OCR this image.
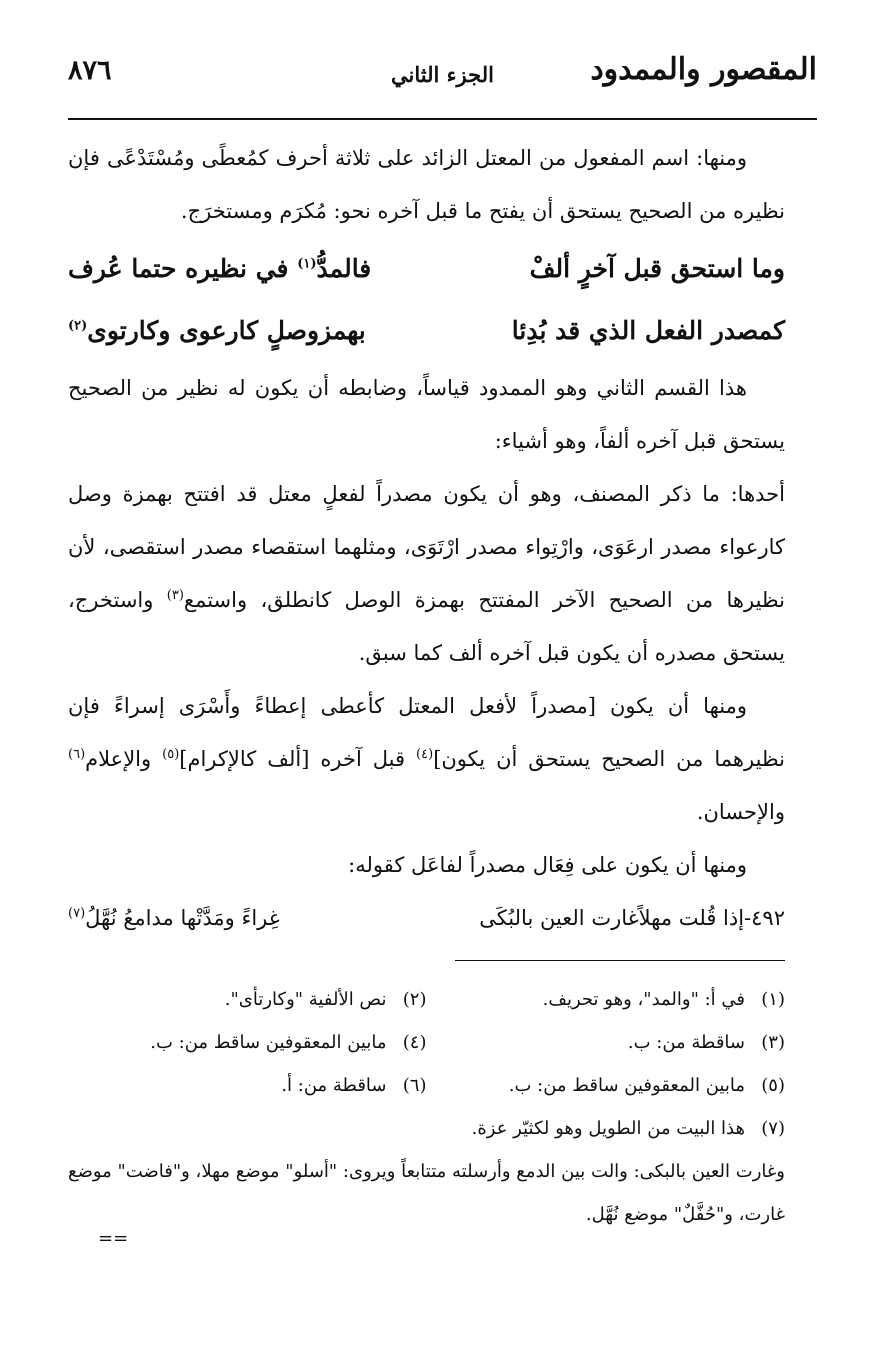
المقصور والممدود
الجزء الثاني
٨٧٦

ومنها: اسم المفعول من المعتل الزائد على ثلاثة أحرف كمُعطًى ومُسْتَدْعًى فإن نظيره من الصحيح يستحق أن يفتح ما قبل آخره نحو: مُكرَم ومستخرَج.

وما استحق قبل آخرٍ ألفْ
فالمدُّ$^{(١)}$ في نظيره حتما عُرف
كمصدر الفعل الذي قد بُدِئا
بهمزوصلٍ كارعوى وكارتوى$^{(٢)}$

هذا القسم الثاني وهو الممدود قياساً، وضابطه أن يكون له نظير من الصحيح يستحق قبل آخره ألفاً، وهو أشياء:

أحدها: ما ذكر المصنف، وهو أن يكون مصدراً لفعلٍ معتل قد افتتح بهمزة وصل كارعواء مصدر ارعَوَى، وارْتِواء مصدر ارْتَوَى، ومثلهما استقصاء مصدر استقصى، لأن نظيرها من الصحيح الآخر المفتتح بهمزة الوصل كانطلق، واستمع$^{(٣)}$ واستخرج، يستحق مصدره أن يكون قبل آخره ألف كما سبق.

ومنها أن يكون [مصدراً لأفعل المعتل كأعطى إعطاءً وأَسْرَى إسراءً فإن نظيرهما من الصحيح يستحق أن يكون]$^{(٤)}$ قبل آخره [ألف كالإكرام]$^{(٥)}$ والإعلام$^{(٦)}$ والإحسان.

ومنها أن يكون على فِعَال مصدراً لفاعَل كقوله:

٤٩٢-إذا قُلت مهلاًغارت العين بالبُكَى
غِراءً ومَدَّتْها مدامعُ نُهَّلُ$^{(٧)}$
(١)في أ: "والمد"، وهو تحريف.
(٢)نص الألفية "وكارتأى".
(٣)ساقطة من: ب.
(٤)مابين المعقوفين ساقط من: ب.
(٥)مابين المعقوفين ساقط من: ب.
(٦)ساقطة من: أ.
(٧)هذا البيت من الطويل وهو لكثيّر عزة.

وغارت العين بالبكى: والت بين الدمع وأرسلته متتابعاً ويروى: "أسلو" موضع مهلا، و"فاضت" موضع غارت، و"حُفَّلٌ" موضع نُهَّل.

==
